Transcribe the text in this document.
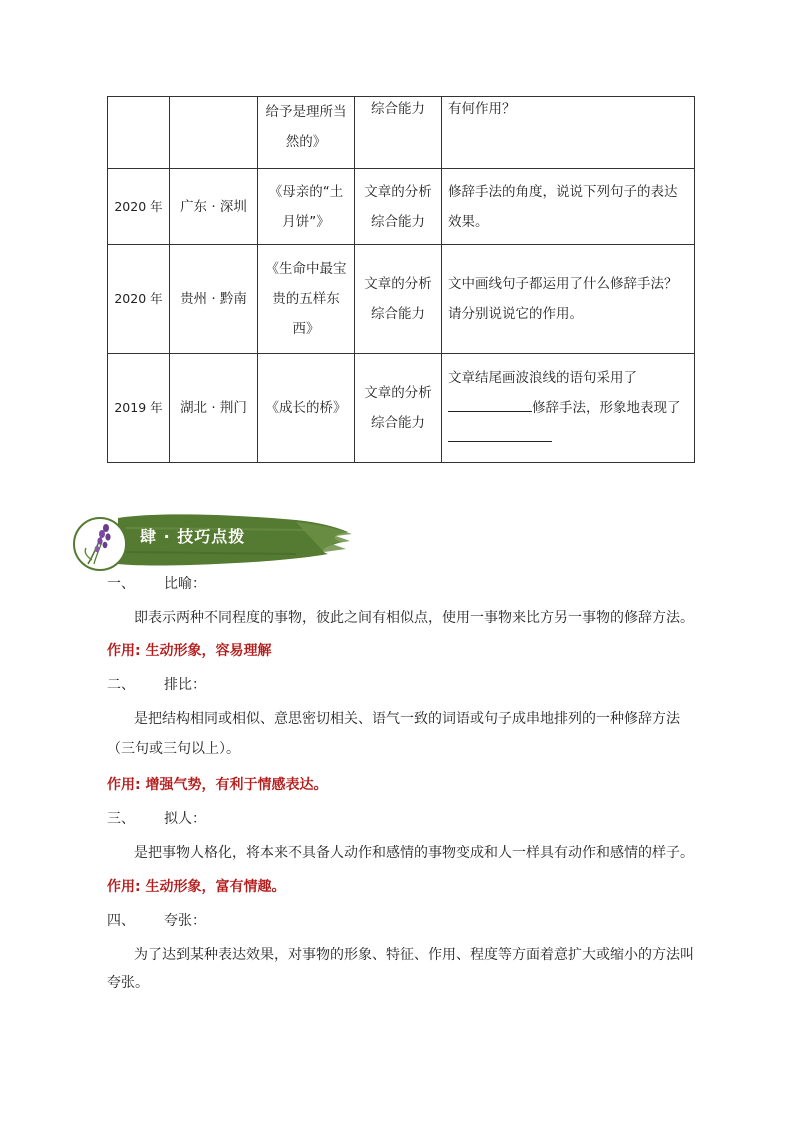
		给予是理所当然的》	综合能力	有何作用？
2020 年	广东 · 深圳	《母亲的“土月饼”》	文章的分析综合能力	修辞手法的角度，说说下列句子的表达效果。
2020 年	贵州 · 黔南	《生命中最宝贵的五样东西》	文章的分析综合能力	文中画线句子都运用了什么修辞手法？请分别说说它的作用。
2019 年	湖北 · 荆门	《成长的桥》	文章的分析综合能力	文章结尾画波浪线的语句采用了
修辞手法，形象地表现了

肆 · 技巧点拨
一、 比喻：
即表示两种不同程度的事物，彼此之间有相似点，使用一事物来比方另一事物的修辞方法。
作用: 生动形象，容易理解
二、 排比：
是把结构相同或相似、意思密切相关、语气一致的词语或句子成串地排列的一种修辞方法
（三句或三句以上）。
作用: 增强气势，有利于情感表达。
三、 拟人：
是把事物人格化，将本来不具备人动作和感情的事物变成和人一样具有动作和感情的样子。
作用: 生动形象，富有情趣。
四、 夸张：
为了达到某种表达效果，对事物的形象、特征、作用、程度等方面着意扩大或缩小的方法叫
夸张。
